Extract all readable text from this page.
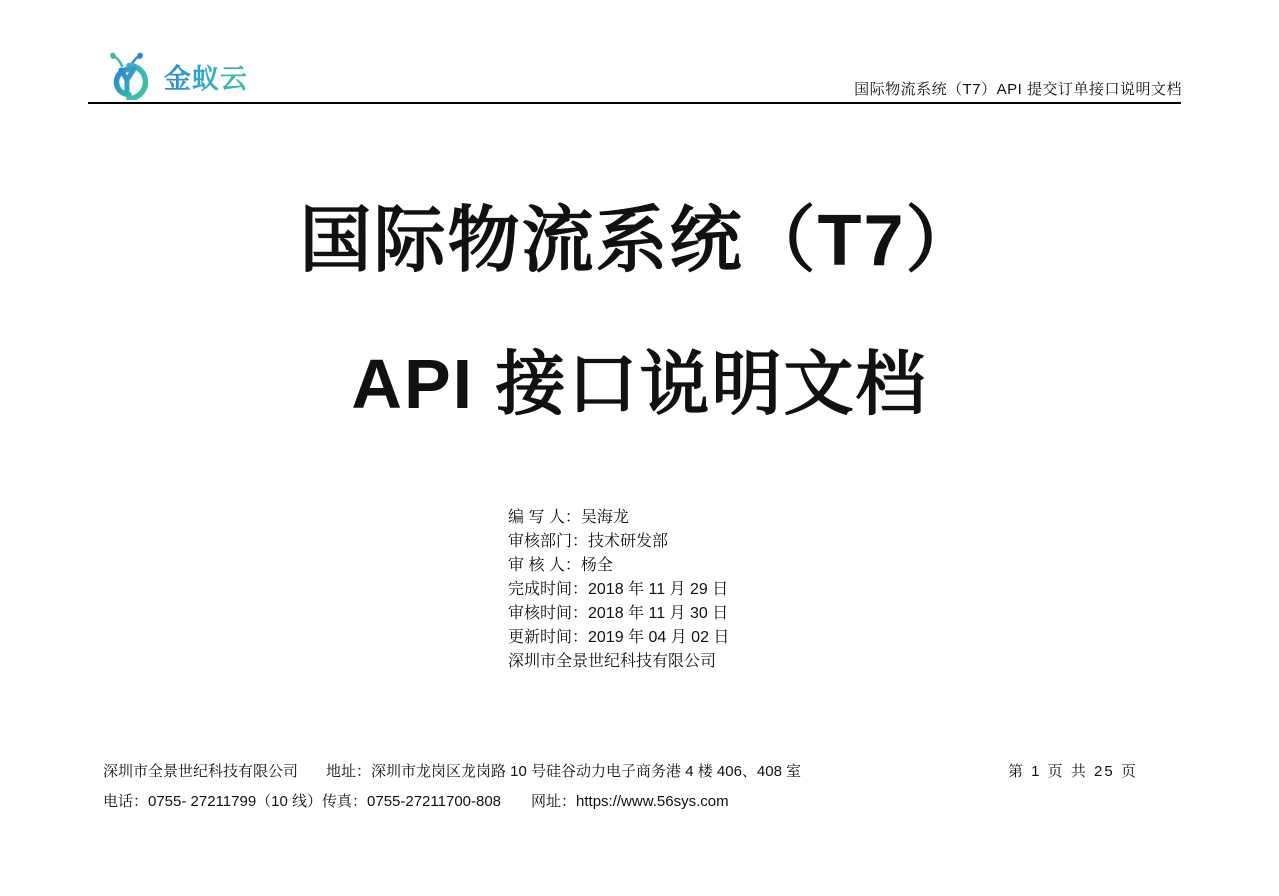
金蚁云	国际物流系统（T7）API 提交订单接口说明文档
国际物流系统（T7）
API 接口说明文档
编 写 人：吴海龙
审核部门：技术研发部
审 核 人：杨全
完成时间：2018 年 11 月 29 日
审核时间：2018 年 11 月 30 日
更新时间：2019 年 04 月 02 日
深圳市全景世纪科技有限公司
深圳市全景世纪科技有限公司 地址：深圳市龙岗区龙岗路 10 号硅谷动力电子商务港 4 楼 406、408 室
电话：0755- 27211799（10 线）传真：0755-27211700-808 网址：https://www.56sys.com
第 1 页 共 25 页
